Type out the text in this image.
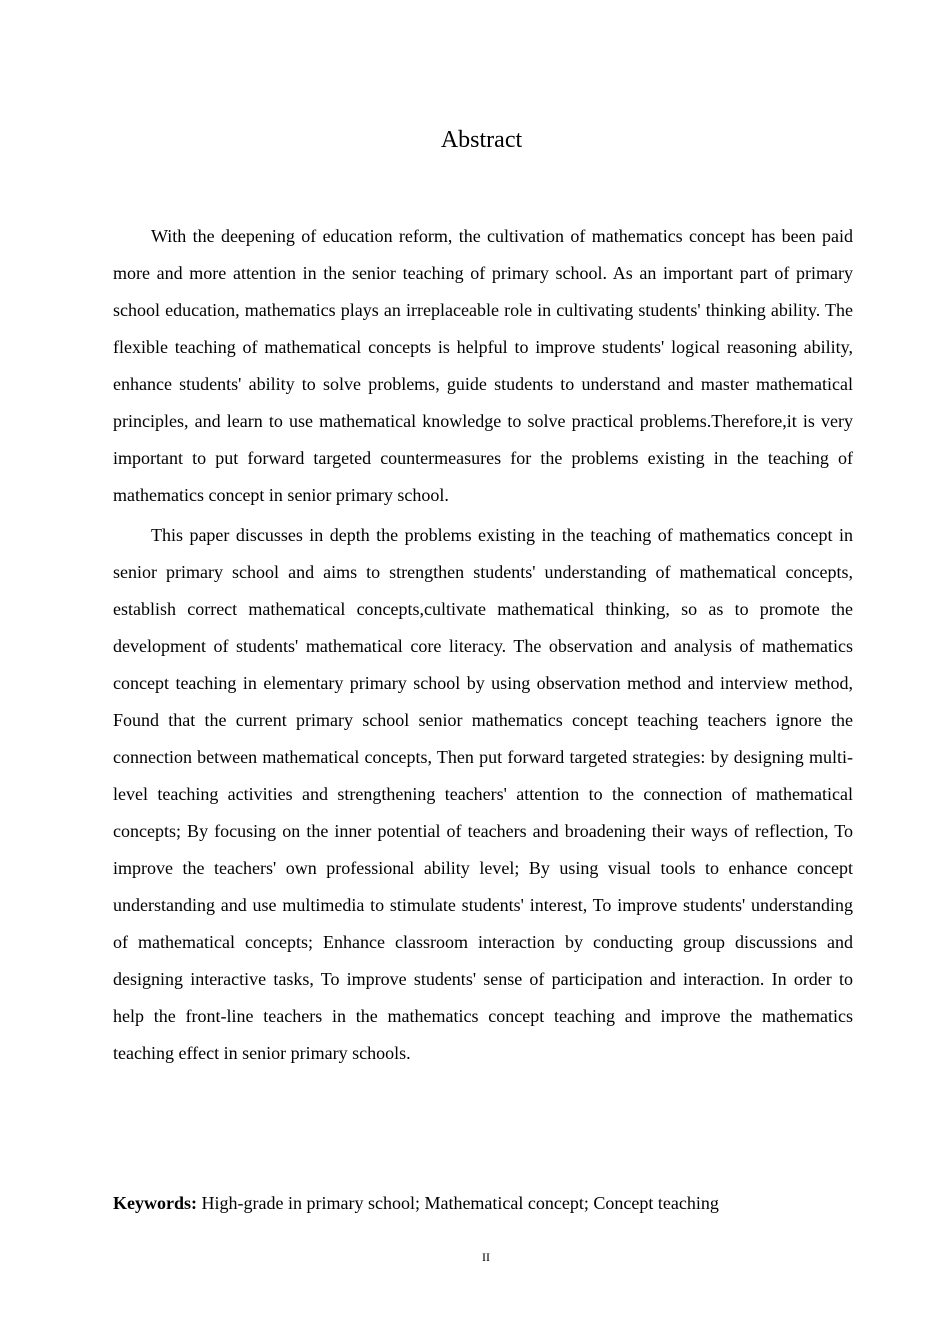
Abstract

With the deepening of education reform, the cultivation of mathematics concept has been paid more and more attention in the senior teaching of primary school. As an important part of primary school education, mathematics plays an irreplaceable role in cultivating students' thinking ability. The flexible teaching of mathematical concepts is helpful to improve students' logical reasoning ability, enhance students' ability to solve problems, guide students to understand and master mathematical principles, and learn to use mathematical knowledge to solve practical problems.Therefore,it is very important to put forward targeted countermeasures for the problems existing in the teaching of mathematics concept in senior primary school.

This paper discusses in depth the problems existing in the teaching of mathematics concept in senior primary school and aims to strengthen students' understanding of mathematical concepts, establish correct mathematical concepts,cultivate mathematical thinking, so as to promote the development of students' mathematical core literacy. The observation and analysis of mathematics concept teaching in elementary primary school by using observation method and interview method, Found that the current primary school senior mathematics concept teaching teachers ignore the connection between mathematical concepts, Then put forward targeted strategies: by designing multi-level teaching activities and strengthening teachers' attention to the connection of mathematical concepts; By focusing on the inner potential of teachers and broadening their ways of reflection, To improve the teachers' own professional ability level; By using visual tools to enhance concept understanding and use multimedia to stimulate students' interest, To improve students' understanding of mathematical concepts; Enhance classroom interaction by conducting group discussions and designing interactive tasks, To improve students' sense of participation and interaction. In order to help the front-line teachers in the mathematics concept teaching and improve the mathematics teaching effect in senior primary schools.

Keywords: High-grade in primary school; Mathematical concept; Concept teaching

II
